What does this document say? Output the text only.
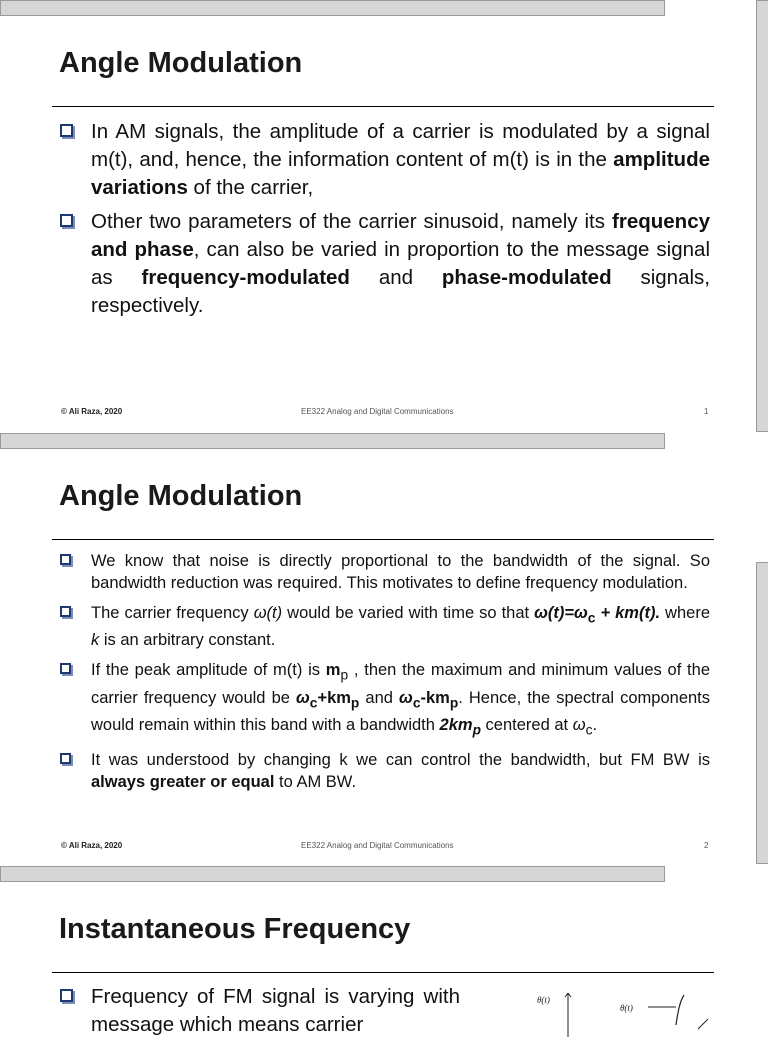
Angle Modulation
In AM signals, the amplitude of a carrier is modulated by a signal m(t), and, hence, the information content of m(t) is in the amplitude variations of the carrier,
Other two parameters of the carrier sinusoid, namely its frequency and phase, can also be varied in proportion to the message signal as frequency-modulated and phase-modulated signals, respectively.
© Ali Raza, 2020	EE322 Analog and Digital Communications	1
Angle Modulation
We know that noise is directly proportional to the bandwidth of the signal. So bandwidth reduction was required. This motivates to define frequency modulation.
The carrier frequency ω(t) would be varied with time so that $\omega(t)=\omega_c + km(t)$. where k is an arbitrary constant.
If the peak amplitude of m(t) is $m_p$ , then the maximum and minimum values of the carrier frequency would be $\omega_c+km_p$ and $\omega_c-km_p$. Hence, the spectral components would remain within this band with a bandwidth $2km_p$ centered at $\omega_c$.
It was understood by changing k we can control the bandwidth, but FM BW is always greater or equal to AM BW.
© Ali Raza, 2020	EE322 Analog and Digital Communications	2
Instantaneous Frequency
Frequency of FM signal is varying with message which means carrier
θ(t)
θ(t)
